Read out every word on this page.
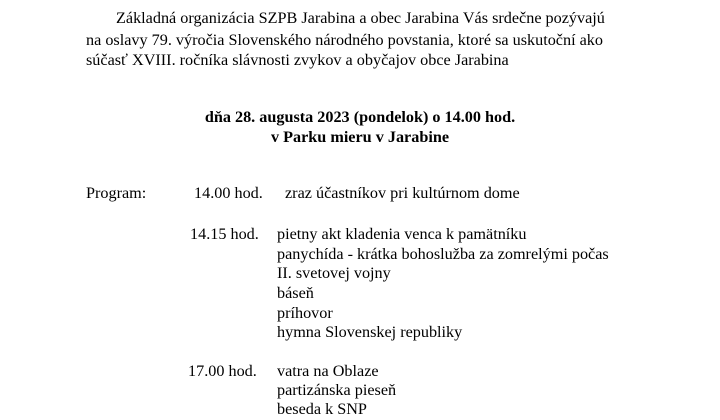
Základná organizácia SZPB Jarabina a obec Jarabina Vás srdečne pozývajú
na oslavy 79. výročia Slovenského národného povstania, ktoré sa uskutoční ako
súčasť XVIII. ročníka slávnosti zvykov a obyčajov obce Jarabina
dňa 28. augusta 2023 (pondelok) o 14.00 hod.
v Parku mieru v Jarabine
Program:	14.00 hod. zraz účastníkov pri kultúrnom dome
14.15 hod. pietny akt kladenia venca k pamätníku
panychída - krátka bohoslužba za zomrelými počas
II. svetovej vojny
báseň
príhovor
hymna Slovenskej republiky
17.00 hod. vatra na Oblaze
partizánska pieseň
beseda k SNP
